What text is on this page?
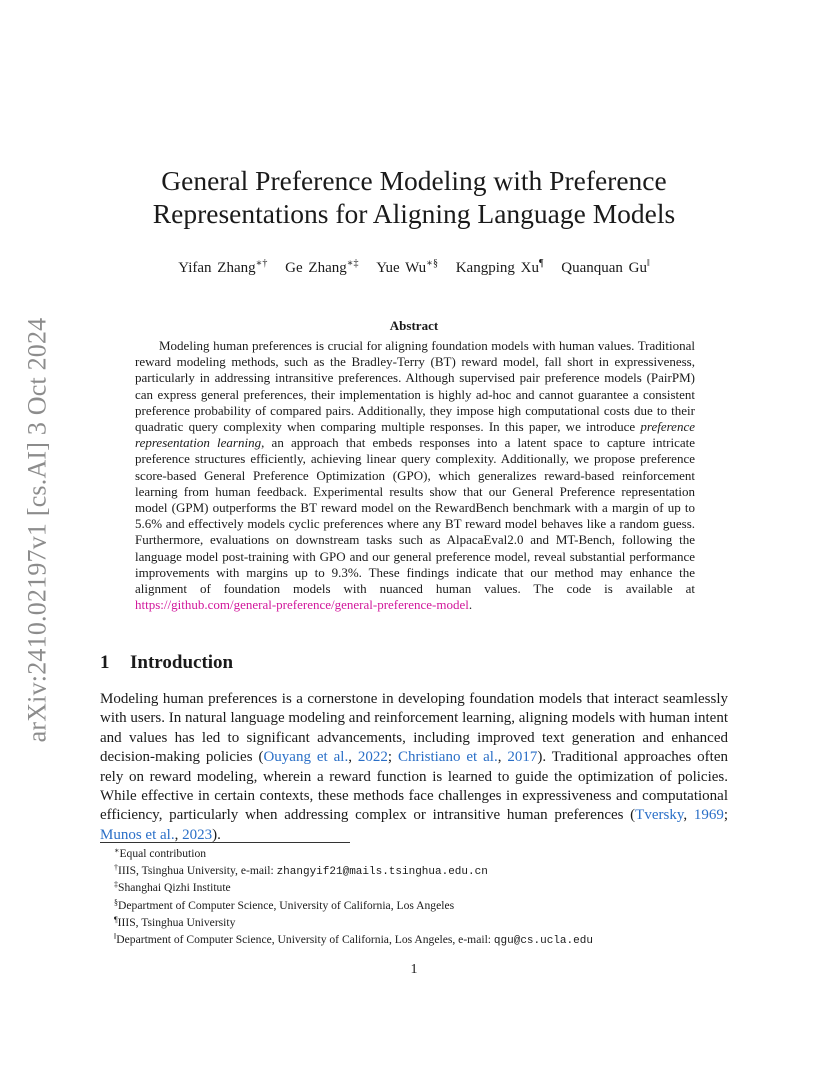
arXiv:2410.02197v1 [cs.AI] 3 Oct 2024
General Preference Modeling with Preference
Representations for Aligning Language Models
Yifan Zhang∗† Ge Zhang∗‡ Yue Wu∗§ Kangping Xu¶ Quanquan Gu‖
Abstract

Modeling human preferences is crucial for aligning foundation models with human values. Traditional reward modeling methods, such as the Bradley-Terry (BT) reward model, fall short in expressiveness, particularly in addressing intransitive preferences. Although supervised pair preference models (PairPM) can express general preferences, their implementation is highly ad-hoc and cannot guarantee a consistent preference probability of compared pairs. Additionally, they impose high computational costs due to their quadratic query complexity when comparing multiple responses. In this paper, we introduce preference representation learning, an approach that embeds responses into a latent space to capture intricate preference structures efficiently, achieving linear query complexity. Additionally, we propose preference score-based General Preference Optimization (GPO), which generalizes reward-based reinforcement learning from human feedback. Experimental results show that our General Preference representation model (GPM) outperforms the BT reward model on the RewardBench benchmark with a margin of up to 5.6% and effectively models cyclic preferences where any BT reward model behaves like a random guess. Furthermore, evaluations on downstream tasks such as AlpacaEval2.0 and MT-Bench, following the language model post-training with GPO and our general preference model, reveal substantial performance improvements with margins up to 9.3%. These findings indicate that our method may enhance the alignment of foundation models with nuanced human values. The code is available at https://github.com/general-preference/general-preference-model.

1 Introduction

Modeling human preferences is a cornerstone in developing foundation models that interact seamlessly with users. In natural language modeling and reinforcement learning, aligning models with human intent and values has led to significant advancements, including improved text generation and enhanced decision-making policies (Ouyang et al., 2022; Christiano et al., 2017). Traditional approaches often rely on reward modeling, wherein a reward function is learned to guide the optimization of policies. While effective in certain contexts, these methods face challenges in expressiveness and computational efficiency, particularly when addressing complex or intransitive human preferences (Tversky, 1969; Munos et al., 2023).

∗Equal contribution
†IIIS, Tsinghua University, e-mail: zhangyif21@mails.tsinghua.edu.cn
‡Shanghai Qizhi Institute
§Department of Computer Science, University of California, Los Angeles
¶IIIS, Tsinghua University
‖Department of Computer Science, University of California, Los Angeles, e-mail: qgu@cs.ucla.edu
1
